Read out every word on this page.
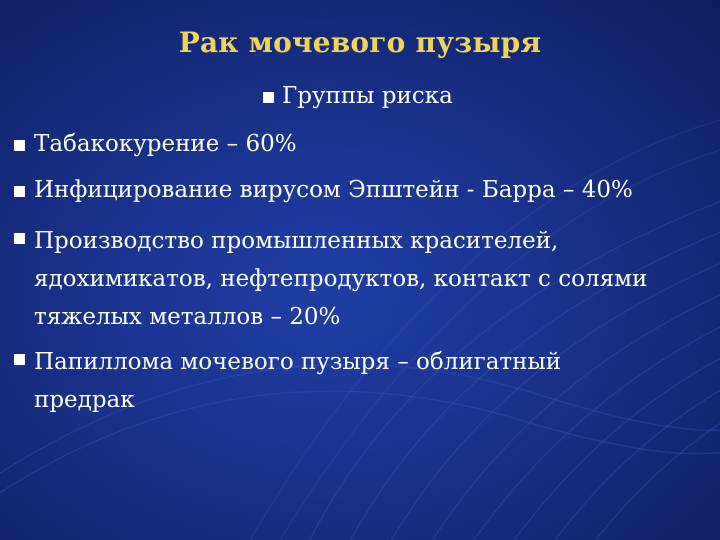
Рак мочевого пузыря
Группы риска
Табакокурение – 60%
Инфицирование вирусом Эпштейн - Барра – 40%
Производство промышленных красителей, ядохимикатов, нефтепродуктов, контакт с солями тяжелых металлов – 20%
Папиллома мочевого пузыря – облигатный предрак
